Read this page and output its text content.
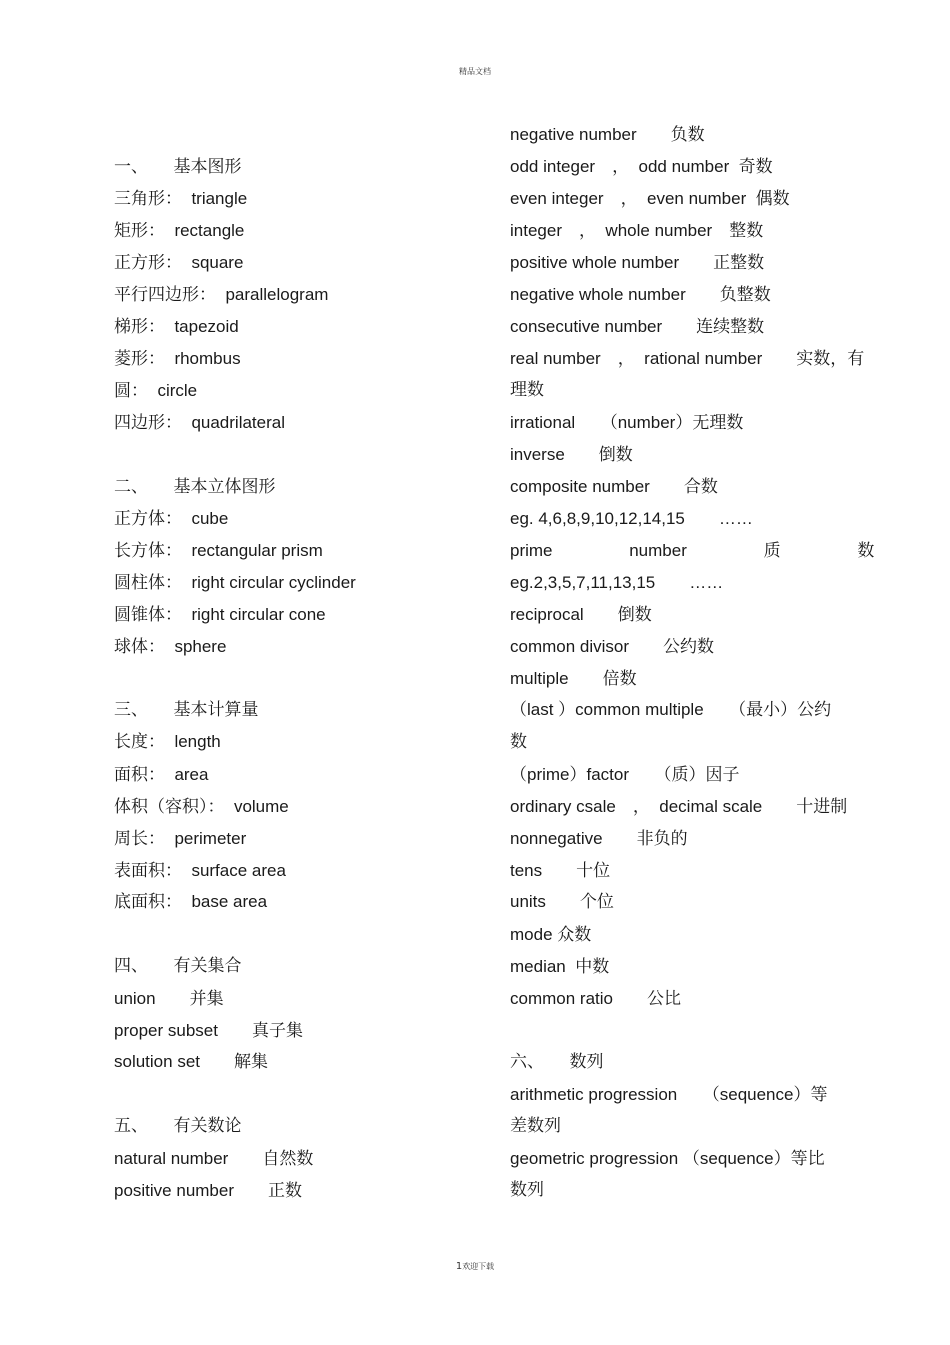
精品文档
一、　　基本图形
三角形：  triangle
矩形：  rectangle
正方形：  square
平行四边形：  parallelogram
梯形：  tapezoid
菱形：  rhombus
圆：  circle
四边形：  quadrilateral
二、　　基本立体图形
正方体：  cube
长方体：  rectangular prism
圆柱体：  right circular cyclinder
圆锥体：  right circular cone
球体：  sphere
三、　　基本计算量
长度：  length
面积：  area
体积（容积）：  volume
周长：  perimeter
表面积：  surface area
底面积：  base area
四、　　有关集合
union　　并集
proper subset　　真子集
solution set　　解集
五、　　有关数论
natural number　　自然数
positive number　　正数
negative number　　负数
odd integer　，  odd number  奇数
even integer　，  even number  偶数
integer　，  whole number　整数
positive whole number　　正整数
negative whole number　　负整数
consecutive number　　连续整数
real number　，  rational number　　实数，有
理数
irrational　　（number）无理数
inverse　　倒数
composite number　　合数
eg. 4,6,8,9,10,12,14,15　　……
prime number 质 数
eg.2,3,5,7,11,13,15　　……
reciprocal　　倒数
common divisor　　公约数
multiple　　倍数
（last ）common multiple　　（最小）公约
数
（prime）factor　　（质）因子
ordinary csale　，  decimal scale　　十进制
nonnegative　　非负的
tens　　十位
units　　个位
mode 众数
median  中数
common ratio　　公比
六、　　数列
arithmetic progression　　（sequence）等
差数列
geometric progression （sequence）等比
数列
1欢迎下载
